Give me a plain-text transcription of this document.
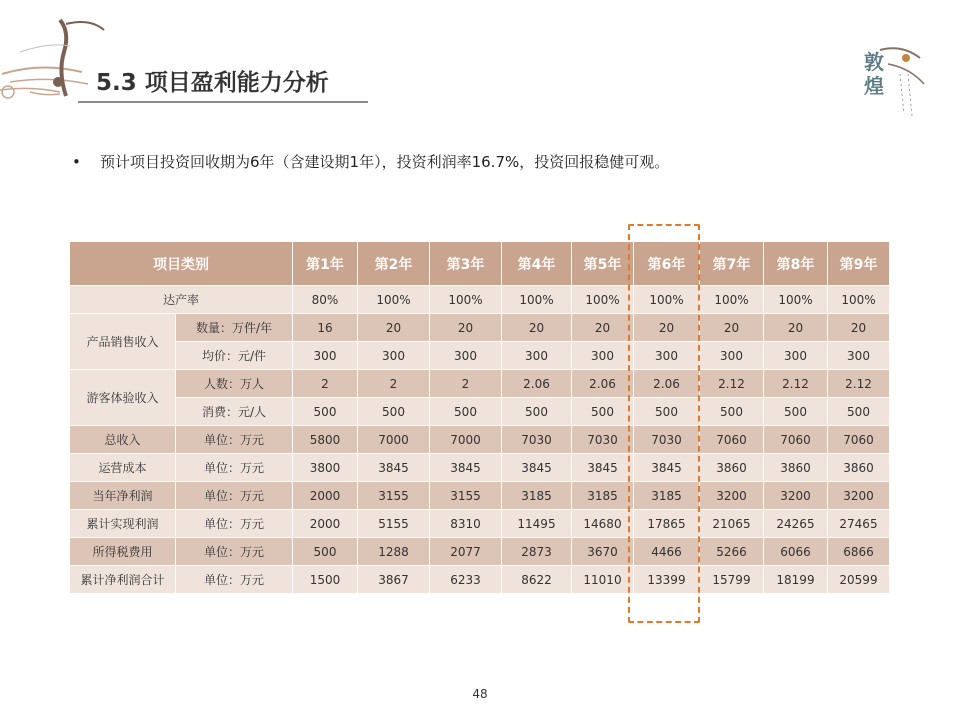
5.3 项目盈利能力分析
敦煌
• 预计项目投资回收期为6年（含建设期1年），投资利润率16.7%，投资回报稳健可观。
项目类别		第1年	第2年	第3年	第4年	第5年	第6年	第7年	第8年	第9年
达产率		80%	100%	100%	100%	100%	100%	100%	100%	100%
产品销售收入	数量：万件/年	16	20	20	20	20	20	20	20	20
	均价：元/件	300	300	300	300	300	300	300	300	300
游客体验收入	人数：万人	2	2	2	2.06	2.06	2.06	2.12	2.12	2.12
	消费：元/人	500	500	500	500	500	500	500	500	500
总收入	单位：万元	5800	7000	7000	7030	7030	7030	7060	7060	7060
运营成本	单位：万元	3800	3845	3845	3845	3845	3845	3860	3860	3860
当年净利润	单位：万元	2000	3155	3155	3185	3185	3185	3200	3200	3200
累计实现利润	单位：万元	2000	5155	8310	11495	14680	17865	21065	24265	27465
所得税费用	单位：万元	500	1288	2077	2873	3670	4466	5266	6066	6866
累计净利润合计	单位：万元	1500	3867	6233	8622	11010	13399	15799	18199	20599
48
